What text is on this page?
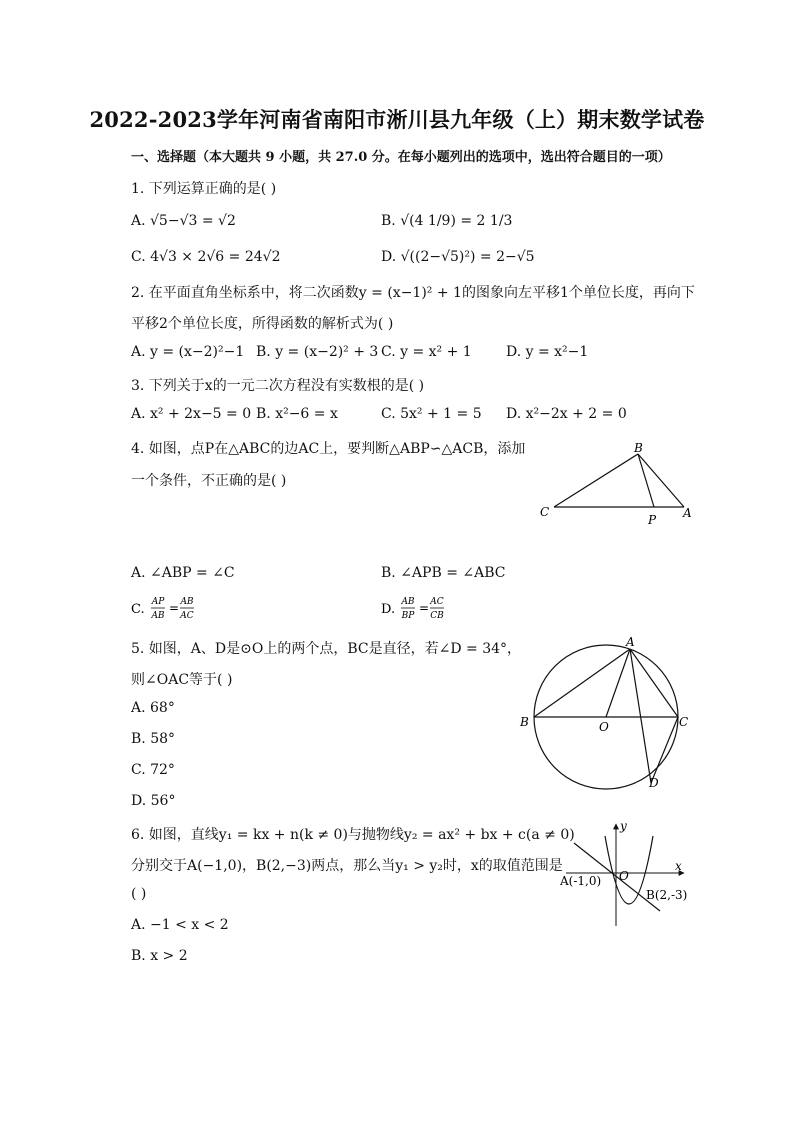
2022-2023学年河南省南阳市淅川县九年级（上）期末数学试卷
一、选择题（本大题共 9 小题，共 27.0 分。在每小题列出的选项中，选出符合题目的一项）
1. 下列运算正确的是( )
A. √5−√3 = √2	B. √(4 1/9) = 2 1/3
C. 4√3 × 2√6 = 24√2	D. √((2−√5)²) = 2−√5
2. 在平面直角坐标系中，将二次函数y = (x−1)² + 1的图象向左平移1个单位长度，再向下
平移2个单位长度，所得函数的解析式为( )
A. y = (x−2)²−1 B. y = (x−2)² + 3 C. y = x² + 1 D. y = x²−1
3. 下列关于x的一元二次方程没有实数根的是( )
A. x² + 2x−5 = 0 B. x²−6 = x	C. 5x² + 1 = 5 D. x²−2x + 2 = 0
4. 如图，点P在△ABC的边AC上，要判断△ABP∽△ACB，添加
一个条件，不正确的是( )
B
C
P A
A. ∠ABP = ∠C	B. ∠APB = ∠ABC
C. AP
AB
= AB
AC	D. AB
BP
= AC
CB
5. 如图，A、D是⊙O上的两个点，BC是直径，若∠D = 34°，
则∠OAC等于( )
A. 68°
B. 58°
C. 72°
D. 56°
A
B	O	C
D
6. 如图，直线y₁ = kx + n(k ≠ 0)与抛物线y₂ = ax² + bx + c(a ≠ 0)
分别交于A(−1,0)，B(2,−3)两点，那么当y₁ > y₂时，x的取值范围是
( )
A. −1 < x < 2
B. x > 2
y
x
O
A(-1,0)
B(2,-3)
